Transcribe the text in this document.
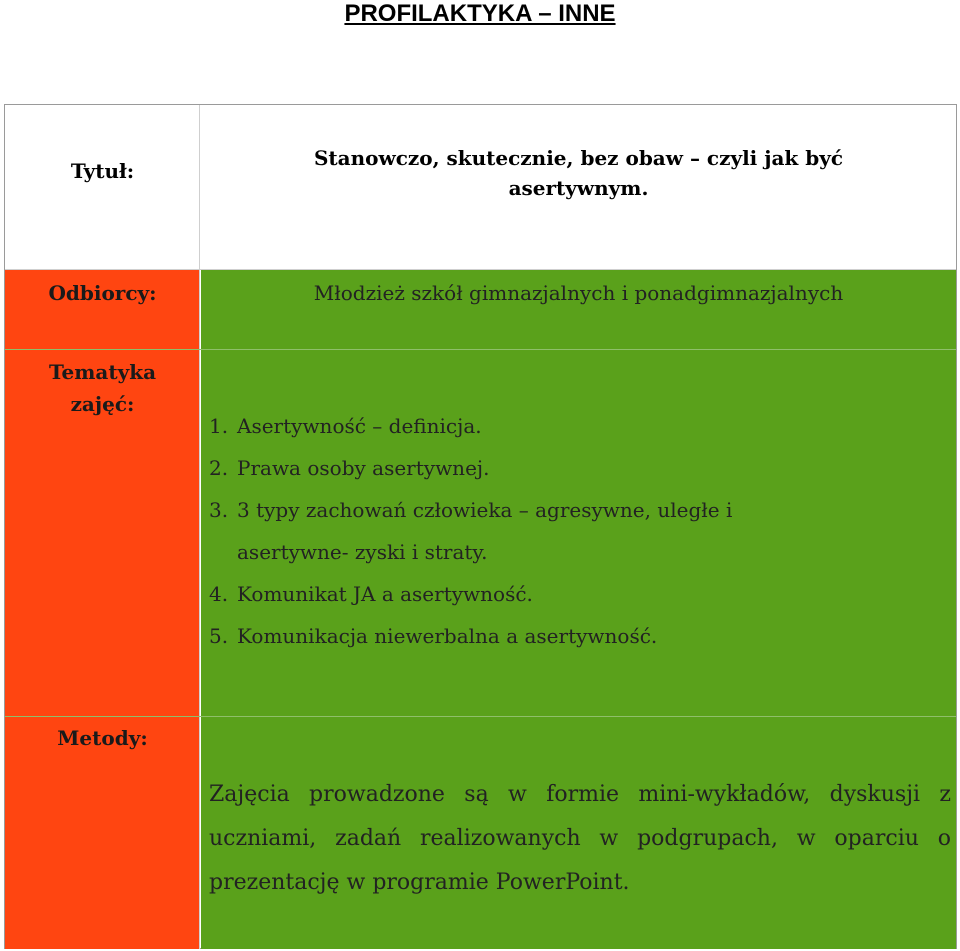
PROFILAKTYKA – INNE
Tytuł:
Stanowczo, skutecznie, bez obaw – czyli jak być
asertywnym.
Odbiorcy:	Młodzież szkół gimnazjalnych i ponadgimnazjalnych
Tematyka
zajęć:
1. Asertywność – definicja.
2. Prawa osoby asertywnej.
3. 3 typy zachowań człowieka – agresywne, uległe i
asertywne- zyski i straty.
4. Komunikat JA a asertywność.
5. Komunikacja niewerbalna a asertywność.
Metody:
Zajęcia prowadzone są w formie mini-wykładów, dyskusji z uczniami, zadań realizowanych w podgrupach, w oparciu o prezentację w programie PowerPoint.
